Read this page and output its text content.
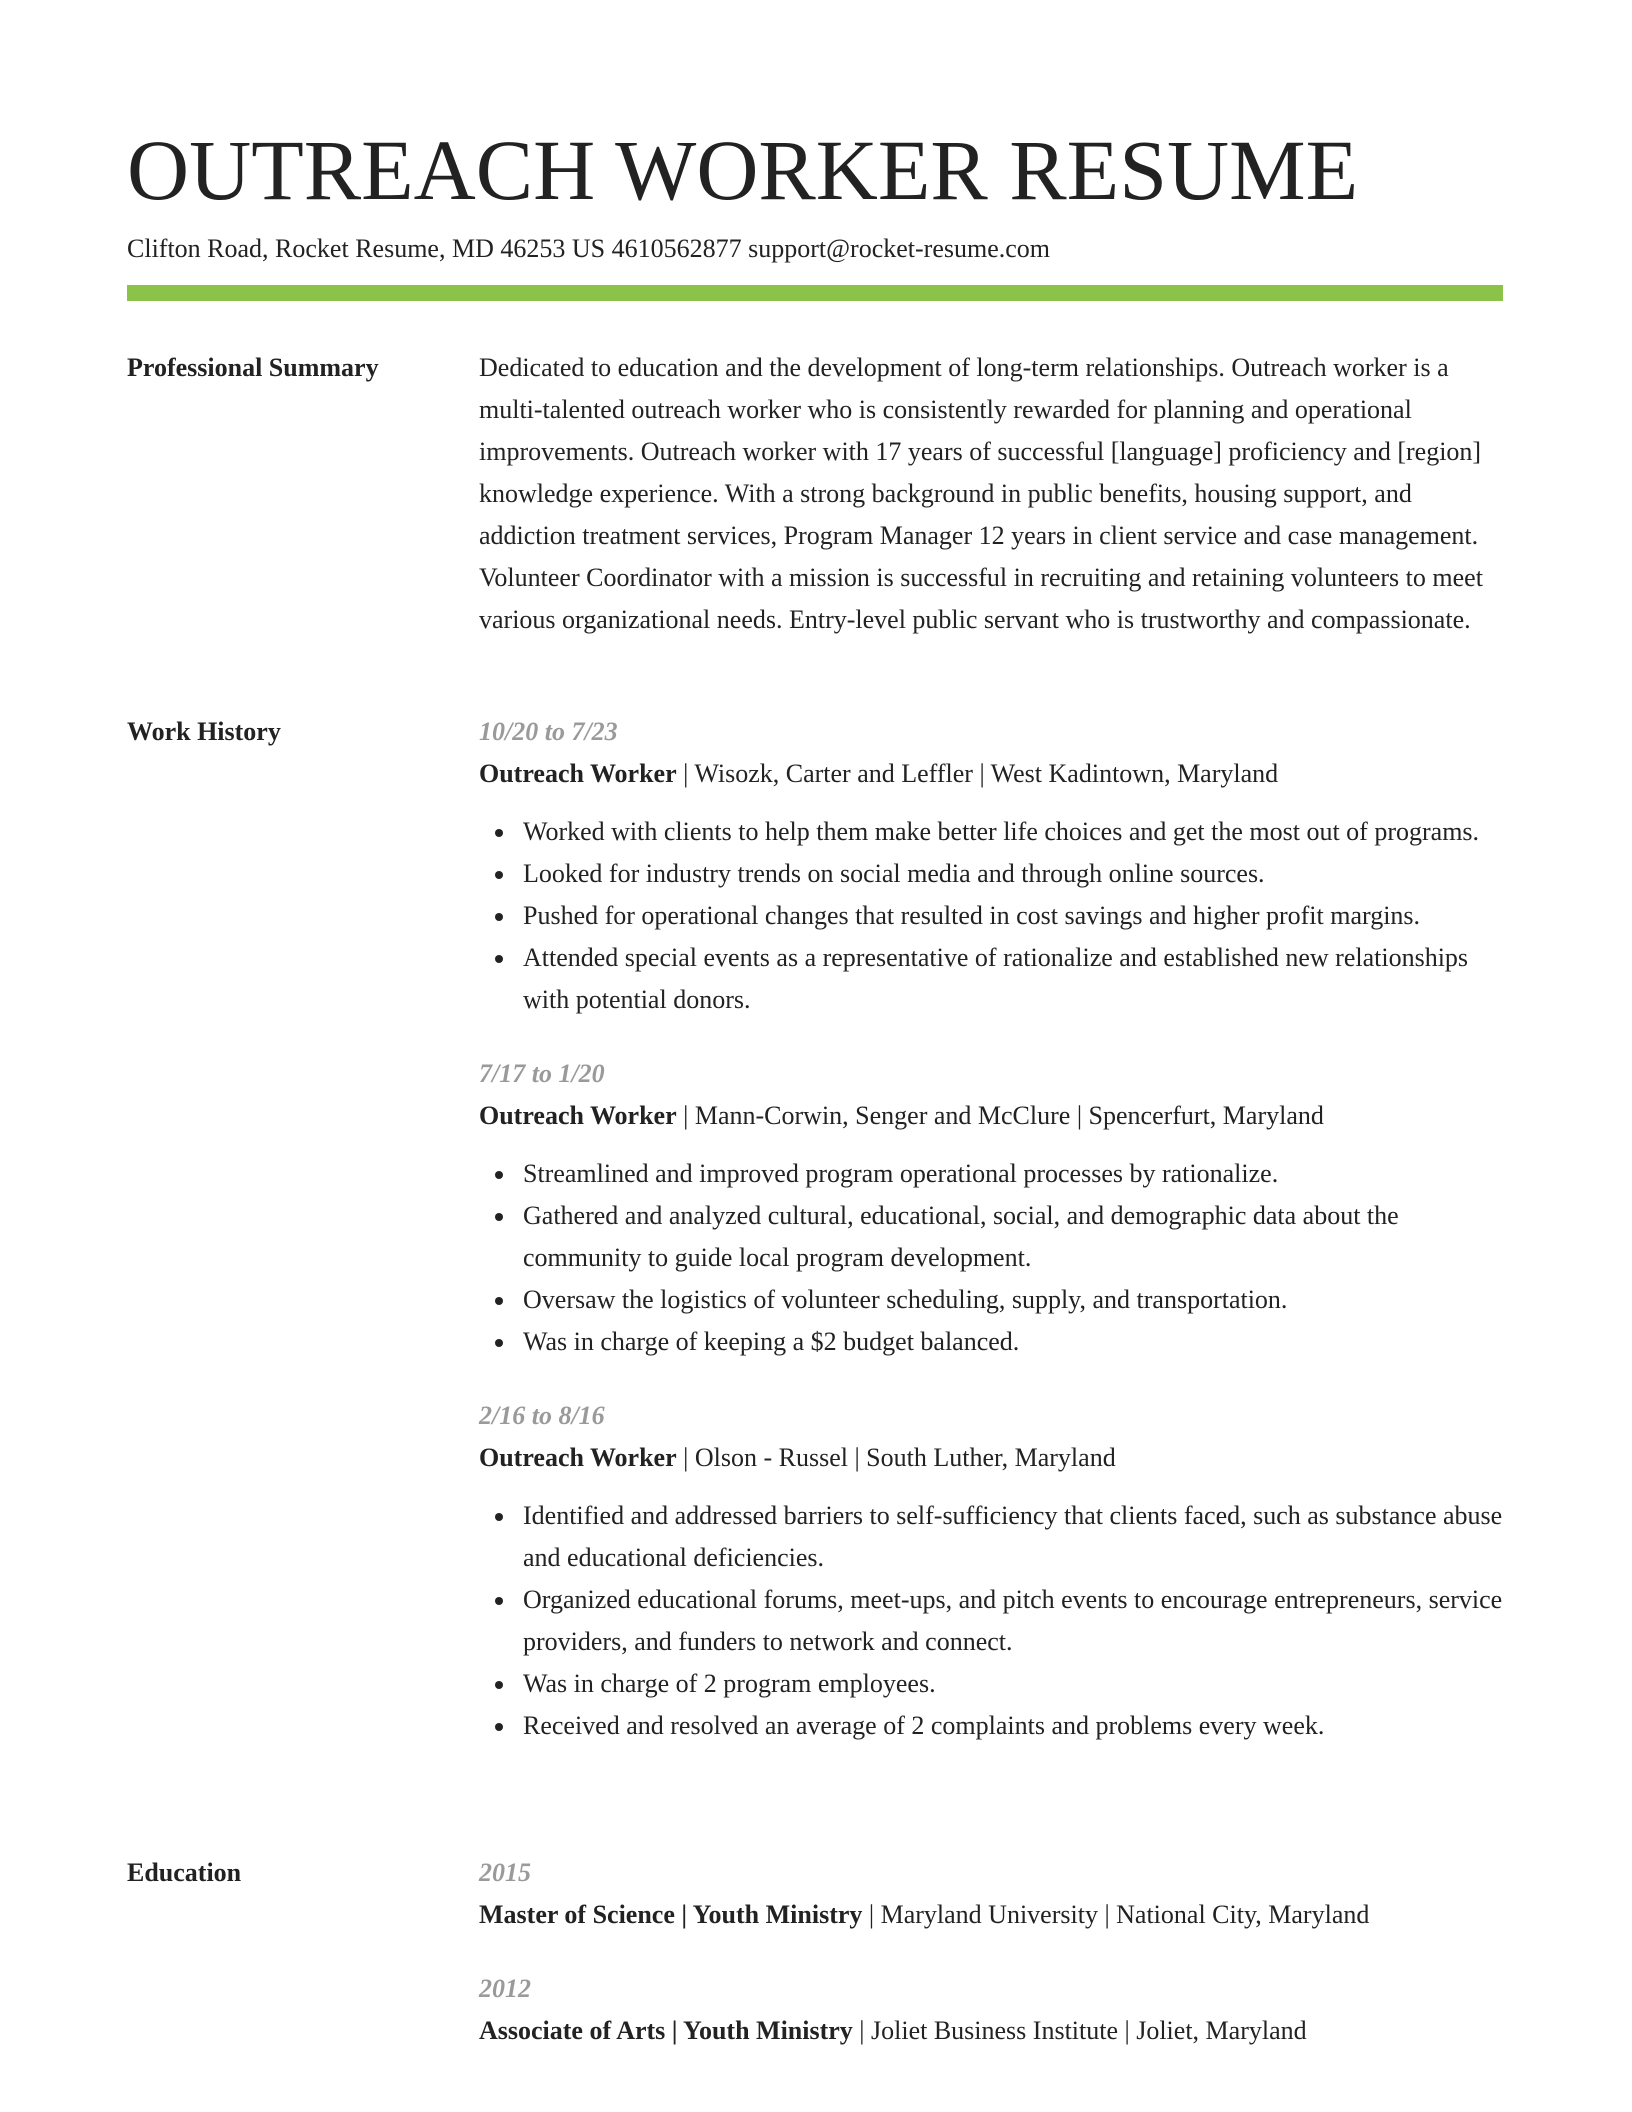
OUTREACH WORKER RESUME
Clifton Road, Rocket Resume, MD 46253 US 4610562877 support@rocket-resume.com
Professional Summary	Dedicated to education and the development of long-term relationships. Outreach worker is a multi-talented outreach worker who is consistently rewarded for planning and operational improvements. Outreach worker with 17 years of successful [language] proficiency and [region] knowledge experience. With a strong background in public benefits, housing support, and addiction treatment services, Program Manager 12 years in client service and case management. Volunteer Coordinator with a mission is successful in recruiting and retaining volunteers to meet various organizational needs. Entry-level public servant who is trustworthy and compassionate.

Work History	10/20 to 7/23

Outreach Worker | Wisozk, Carter and Leffler | West Kadintown, Maryland

Worked with clients to help them make better life choices and get the most out of programs.
Looked for industry trends on social media and through online sources.
Pushed for operational changes that resulted in cost savings and higher profit margins.
Attended special events as a representative of rationalize and established new relationships with potential donors.

7/17 to 1/20

Outreach Worker | Mann-Corwin, Senger and McClure | Spencerfurt, Maryland

Streamlined and improved program operational processes by rationalize.
Gathered and analyzed cultural, educational, social, and demographic data about the community to guide local program development.
Oversaw the logistics of volunteer scheduling, supply, and transportation.
Was in charge of keeping a $2 budget balanced.

2/16 to 8/16

Outreach Worker | Olson - Russel | South Luther, Maryland

Identified and addressed barriers to self-sufficiency that clients faced, such as substance abuse and educational deficiencies.
Organized educational forums, meet-ups, and pitch events to encourage entrepreneurs, service providers, and funders to network and connect.
Was in charge of 2 program employees.
Received and resolved an average of 2 complaints and problems every week.
Education	2015

Master of Science | Youth Ministry | Maryland University | National City, Maryland

2012

Associate of Arts | Youth Ministry | Joliet Business Institute | Joliet, Maryland
